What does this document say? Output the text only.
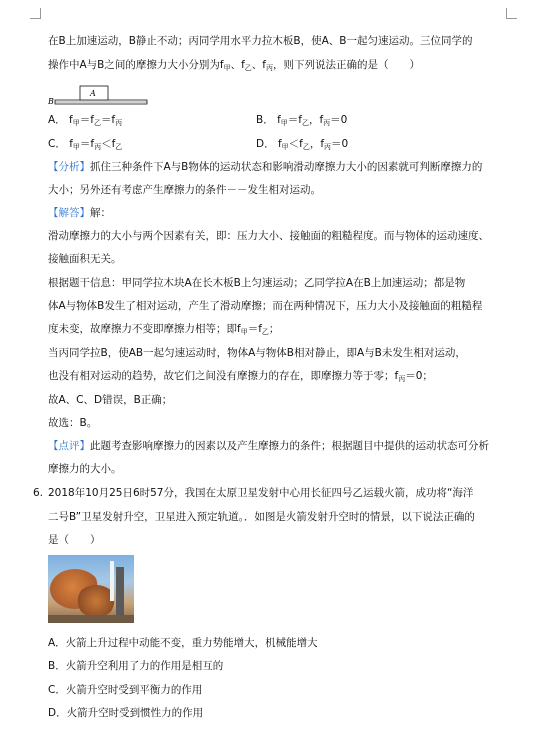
在B上加速运动，B静止不动；丙同学用水平力拉木板B，使A、B一起匀速运动。三位同学的
操作中A与B之间的摩擦力大小分别为$f_甲$、$f_乙$、$f_丙$，则下列说法正确的是（　　）
B
A
A． $f_甲=f_乙=f_丙$	B． $f_甲=f_乙$，$f_丙=0$
C． $f_甲=f_丙<f_乙$	D． $f_甲<f_乙$，$f_丙=0$
【分析】抓住三种条件下A与B物体的运动状态和影响滑动摩擦力大小的因素就可判断摩擦力的
大小；另外还有考虑产生摩擦力的条件－－发生相对运动。
【解答】解：
滑动摩擦力的大小与两个因素有关，即：压力大小、接触面的粗糙程度。而与物体的运动速度、
接触面积无关。
根据题干信息：甲同学拉木块A在长木板B上匀速运动；乙同学拉A在B上加速运动；都是物
体A与物体B发生了相对运动，产生了滑动摩擦；而在两种情况下，压力大小及接触面的粗糙程
度未变，故摩擦力不变即摩擦力相等；即$f_甲=f_乙$；
当丙同学拉B，使AB一起匀速运动时，物体A与物体B相对静止，即A与B未发生相对运动，
也没有相对运动的趋势，故它们之间没有摩擦力的存在，即摩擦力等于零；$f_丙=0$；
故A、C、D错误，B正确；
故选：B。
【点评】此题考查影响摩擦力的因素以及产生摩擦力的条件；根据题目中提供的运动状态可分析
摩擦力的大小。
6. 2018年10月25日6时57分，我国在太原卫星发射中心用长征四号乙运载火箭，成功将“海洋
二号B”卫星发射升空，卫星进入预定轨道。．如图是火箭发射升空时的情景，以下说法正确的
是（　　）
A．火箭上升过程中动能不变，重力势能增大，机械能增大
B．火箭升空利用了力的作用是相互的
C．火箭升空时受到平衡力的作用
D．火箭升空时受到惯性力的作用
